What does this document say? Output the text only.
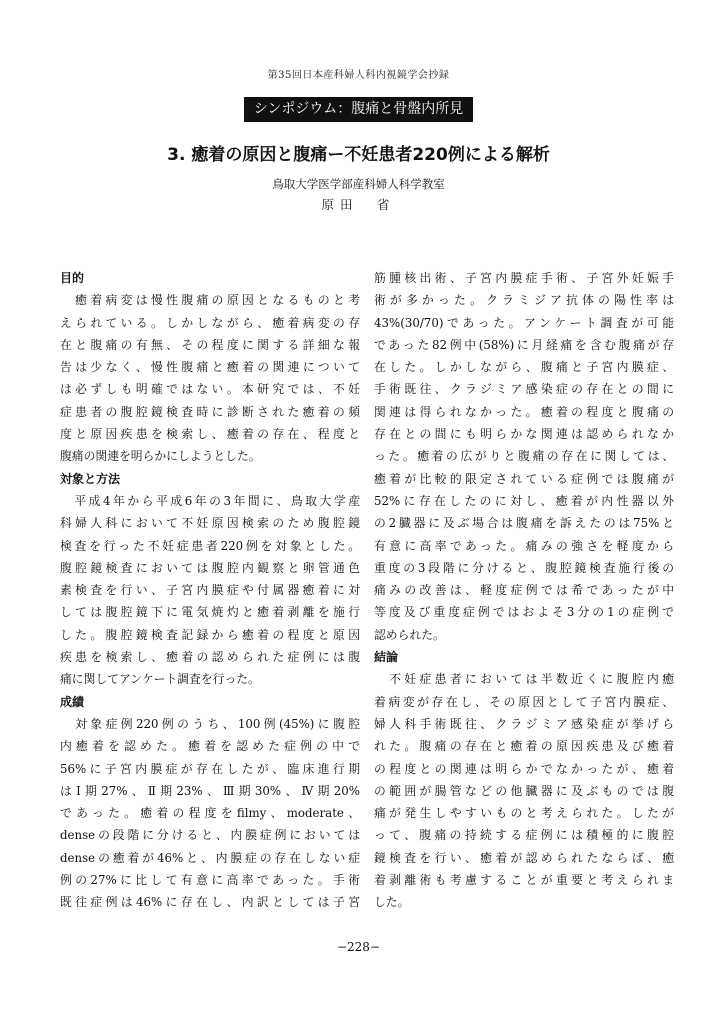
第35回日本産科婦人科内視鏡学会抄録
シンポジウム：腹痛と骨盤内所見
3. 癒着の原因と腹痛ー不妊患者220例による解析
鳥取大学医学部産科婦人科学教室
原田　省
目的
　癒着病変は慢性腹痛の原因となるものと考
えられている。しかしながら、癒着病変の存
在と腹痛の有無、その程度に関する詳細な報
告は少なく、慢性腹痛と癒着の関連について
は必ずしも明確ではない。本研究では、不妊
症患者の腹腔鏡検査時に診断された癒着の頻
度と原因疾患を検索し、癒着の存在、程度と
腹痛の関連を明らかにしようとした。
対象と方法
　平成4年から平成6年の3年間に、鳥取大学産
科婦人科において不妊原因検索のため腹腔鏡
検査を行った不妊症患者220例を対象とした。
腹腔鏡検査においては腹腔内観察と卵管通色
素検査を行い、子宮内膜症や付属器癒着に対
しては腹腔鏡下に電気焼灼と癒着剥離を施行
した。腹腔鏡検査記録から癒着の程度と原因
疾患を検索し、癒着の認められた症例には腹
痛に関してアンケート調査を行った。
成績
　対象症例220例のうち、100例(45%)に腹腔
内癒着を認めた。癒着を認めた症例の中で
56%に子宮内膜症が存在したが、臨床進行期
はⅠ期27%、Ⅱ期23%、Ⅲ期30%、Ⅳ期20%
であった。癒着の程度をfilmy、moderate、
denseの段階に分けると、内膜症例においては
denseの癒着が46%と、内膜症の存在しない症
例の27%に比して有意に高率であった。手術
既往症例は46%に存在し、内訳としては子宮
筋腫核出術、子宮内膜症手術、子宮外妊娠手
術が多かった。クラミジア抗体の陽性率は
43%(30/70)であった。アンケート調査が可能
であった82例中(58%)に月経痛を含む腹痛が存
在した。しかしながら、腹痛と子宮内膜症、
手術既往、クラジミア感染症の存在との間に
関連は得られなかった。癒着の程度と腹痛の
存在との間にも明らかな関連は認められなか
った。癒着の広がりと腹痛の存在に関しては、
癒着が比較的限定されている症例では腹痛が
52%に存在したのに対し、癒着が内性器以外
の2臓器に及ぶ場合は腹痛を訴えたのは75%と
有意に高率であった。痛みの強さを軽度から
重度の3段階に分けると、腹腔鏡検査施行後の
痛みの改善は、軽度症例では希であったが中
等度及び重度症例ではおよそ3分の1の症例で
認められた。
結論
　不妊症患者においては半数近くに腹腔内癒
着病変が存在し、その原因として子宮内膜症、
婦人科手術既往、クラジミア感染症が挙げら
れた。腹痛の存在と癒着の原因疾患及び癒着
の程度との関連は明らかでなかったが、癒着
の範囲が腸管などの他臓器に及ぶものでは腹
痛が発生しやすいものと考えられた。したが
って、腹痛の持続する症例には積極的に腹腔
鏡検査を行い、癒着が認められたならば、癒
着剥離術も考慮することが重要と考えられま
した。
−228−
